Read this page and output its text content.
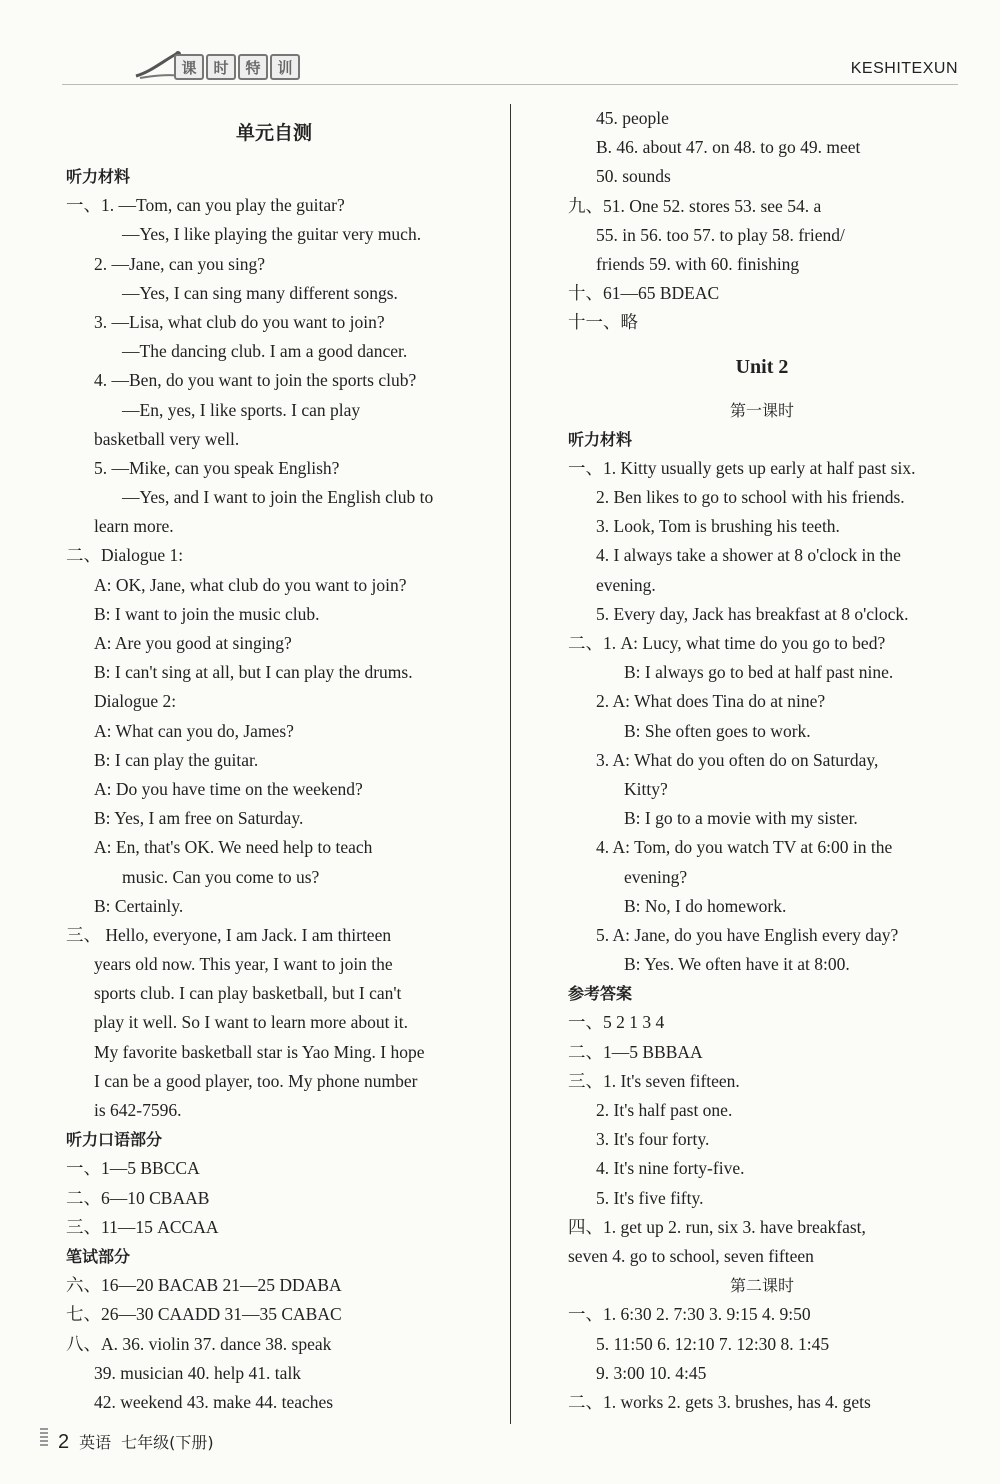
课	时	特	训	KESHITEXUN
单元自测
听力材料
一、1. —Tom, can you play the guitar?
—Yes, I like playing the guitar very much.
2. —Jane, can you sing?
—Yes, I can sing many different songs.
3. —Lisa, what club do you want to join?
—The dancing club. I am a good dancer.
4. —Ben, do you want to join the sports club?
—En, yes, I like sports. I can play
basketball very well.
5. —Mike, can you speak English?
—Yes, and I want to join the English club to
learn more.
二、Dialogue 1:
A: OK, Jane, what club do you want to join?
B: I want to join the music club.
A: Are you good at singing?
B: I can't sing at all, but I can play the drums.
Dialogue 2:
A: What can you do, James?
B: I can play the guitar.
A: Do you have time on the weekend?
B: Yes, I am free on Saturday.
A: En, that's OK. We need help to teach
music. Can you come to us?
B: Certainly.
三、 Hello, everyone, I am Jack. I am thirteen
years old now. This year, I want to join the
sports club. I can play basketball, but I can't
play it well. So I want to learn more about it.
My favorite basketball star is Yao Ming. I hope
I can be a good player, too. My phone number
is 642-7596.
听力口语部分
一、1—5 BBCCA
二、6—10 CBAAB
三、11—15 ACCAA
笔试部分
六、16—20 BACAB 21—25 DDABA
七、26—30 CAADD 31—35 CABAC
八、A. 36. violin 37. dance 38. speak
39. musician 40. help 41. talk
42. weekend 43. make 44. teaches
45. people
B. 46. about 47. on 48. to go 49. meet
50. sounds
九、51. One 52. stores 53. see 54. a
55. in 56. too 57. to play 58. friend/
friends 59. with 60. finishing
十、61—65 BDEAC
十一、略
Unit 2
第一课时
听力材料
一、1. Kitty usually gets up early at half past six.
2. Ben likes to go to school with his friends.
3. Look, Tom is brushing his teeth.
4. I always take a shower at 8 o'clock in the
evening.
5. Every day, Jack has breakfast at 8 o'clock.
二、1. A: Lucy, what time do you go to bed?
B: I always go to bed at half past nine.
2. A: What does Tina do at nine?
B: She often goes to work.
3. A: What do you often do on Saturday,
Kitty?
B: I go to a movie with my sister.
4. A: Tom, do you watch TV at 6:00 in the
evening?
B: No, I do homework.
5. A: Jane, do you have English every day?
B: Yes. We often have it at 8:00.
参考答案
一、5 2 1 3 4
二、1—5 BBBAA
三、1. It's seven fifteen.
2. It's half past one.
3. It's four forty.
4. It's nine forty-five.
5. It's five fifty.
四、1. get up 2. run, six 3. have breakfast,
seven 4. go to school, seven fifteen
第二课时
一、1. 6:30 2. 7:30 3. 9:15 4. 9:50
5. 11:50 6. 12:10 7. 12:30 8. 1:45
9. 3:00 10. 4:45
二、1. works 2. gets 3. brushes, has 4. gets
2 英语 七年级(下册)
